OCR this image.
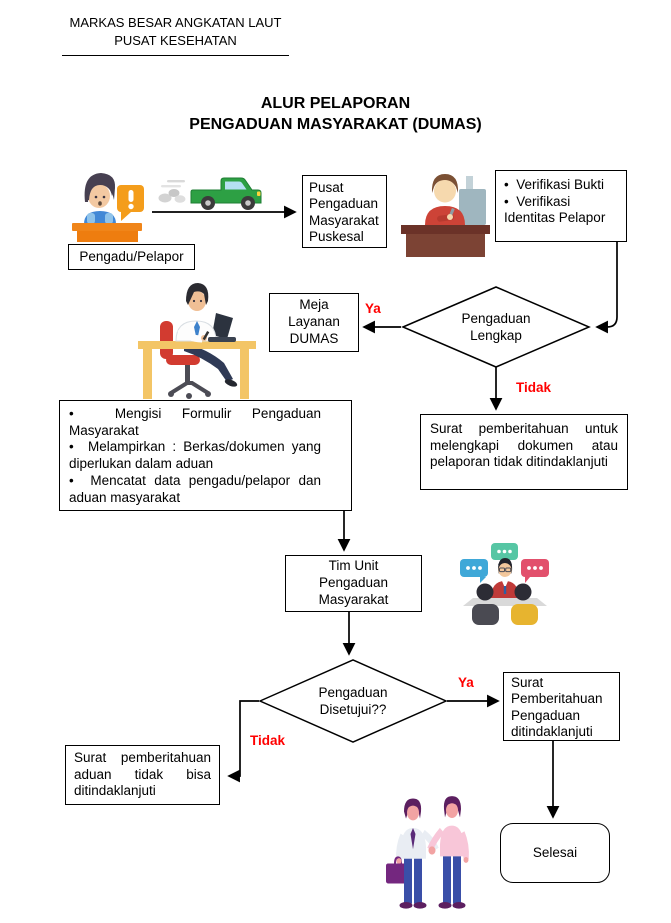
MARKAS BESAR ANGKATAN LAUT
PUSAT KESEHATAN
ALUR PELAPORAN
PENGADUAN MASYARAKAT (DUMAS)
Pusat Pengaduan Masyarakat Puskesal
•  Verifikasi Bukti
•  Verifikasi Identitas Pelapor
Pengadu/Pelapor
Meja Layanan DUMAS
Ya
Pengaduan Lengkap
Tidak
Surat pemberitahuan untuk melengkapi dokumen atau pelaporan tidak ditindaklanjuti
•  Mengisi Formulir Pengaduan Masyarakat
•  Melampirkan : Berkas/dokumen yang diperlukan dalam aduan
•  Mencatat data pengadu/pelapor dan aduan masyarakat
Tim Unit Pengaduan Masyarakat
Pengaduan Disetujui??
Ya
Tidak
Surat Pemberitahuan Pengaduan ditindaklanjuti
Surat pemberitahuan aduan tidak bisa ditindaklanjuti
Selesai
